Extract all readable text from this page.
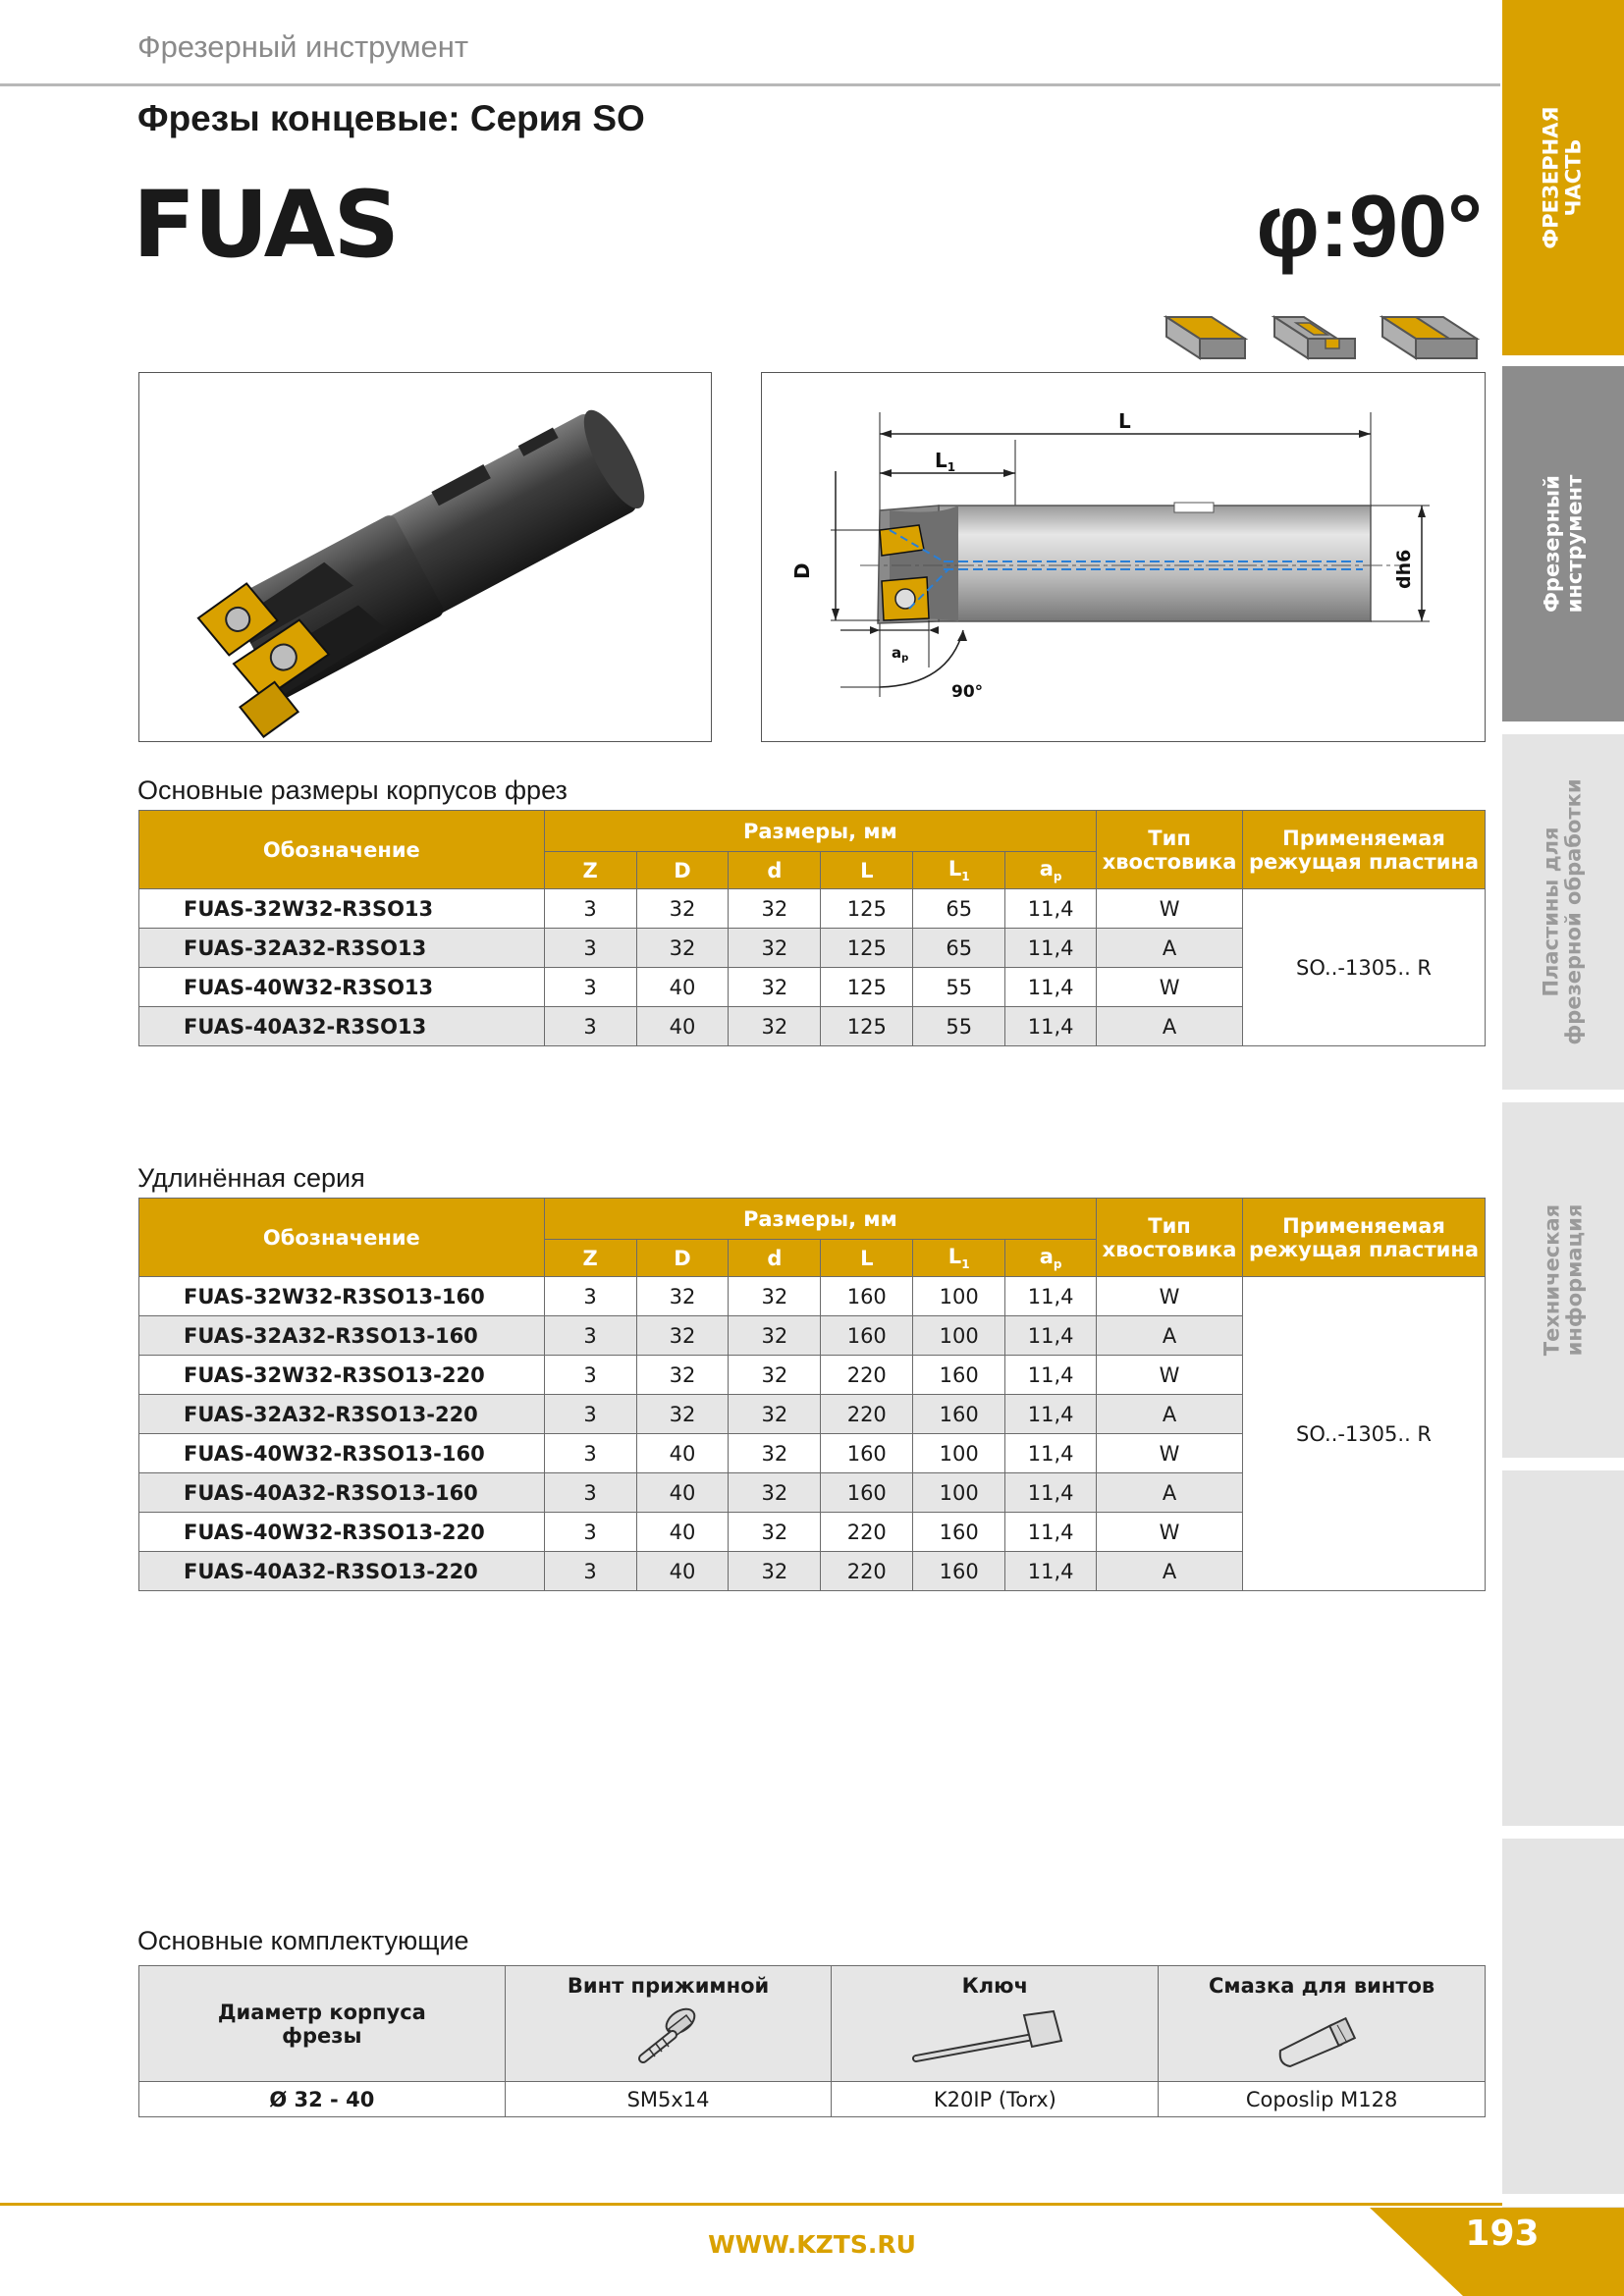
Фрезерный инструмент
Фрезы концевые: Серия SO
FUAS	φ:90°	ФРЕЗЕРНАЯ
ЧАСТЬ
Фрезерный
инструмент
Пластины для
фрезерной обработки
Техническая
информация
L
$L_1$
D	dh6
$a_p$
90°
Основные размеры корпусов фрез
Обозначение	Размеры, мм						Тип
хвостовика	Применяемая
режущая пластина
	Z	D	d	L	$L_1$	$a_p$
FUAS-32W32-R3SO13	3	32	32	125	65	11,4	W	SO..-1305.. R
FUAS-32A32-R3SO13	3	32	32	125	65	11,4	A	
FUAS-40W32-R3SO13	3	40	32	125	55	11,4	W	
FUAS-40A32-R3SO13	3	40	32	125	55	11,4	A	
Удлинённая серия
Обозначение	Размеры, мм						Тип
хвостовика	Применяемая
режущая пластина
	Z	D	d	L	$L_1$	$a_p$
FUAS-32W32-R3SO13-160	3	32	32	160	100	11,4	W	SO..-1305.. R
FUAS-32A32-R3SO13-160	3	32	32	160	100	11,4	A	
FUAS-32W32-R3SO13-220	3	32	32	220	160	11,4	W	
FUAS-32A32-R3SO13-220	3	32	32	220	160	11,4	A	
FUAS-40W32-R3SO13-160	3	40	32	160	100	11,4	W	
FUAS-40A32-R3SO13-160	3	40	32	160	100	11,4	A	
FUAS-40W32-R3SO13-220	3	40	32	220	160	11,4	W	
FUAS-40A32-R3SO13-220	3	40	32	220	160	11,4	A	
Основные комплектующие
Диаметр корпуса
фрезы	Винт прижимной	Ключ	Смазка для винтов

Ø 32 - 40	SM5x14	K20IP (Torx)	Coposlip M128
WWW.KZTS.RU	193
